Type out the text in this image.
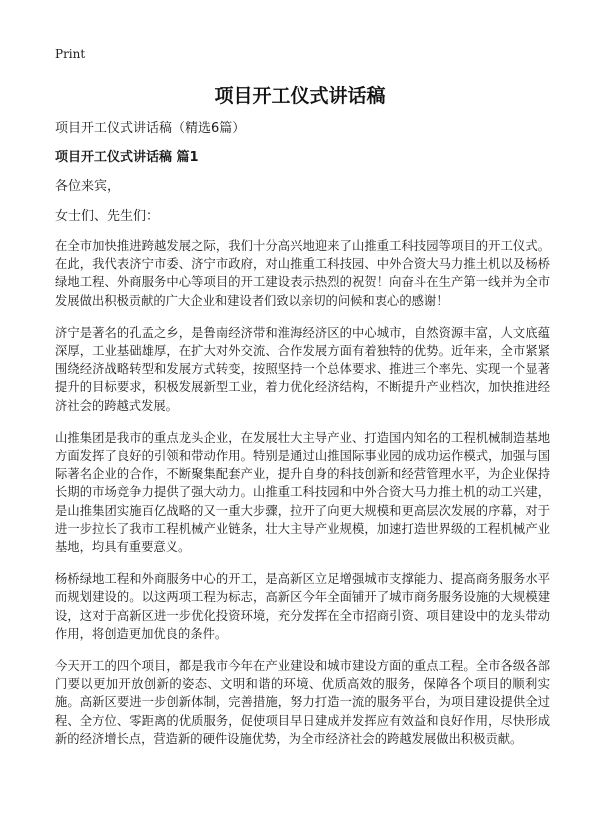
Print
项目开工仪式讲话稿

项目开工仪式讲话稿（精选6篇）

项目开工仪式讲话稿 篇1

各位来宾，

女士们、先生们：

在全市加快推进跨越发展之际，我们十分高兴地迎来了山推重工科技园等项目的开工仪式。在此，我代表济宁市委、济宁市政府，对山推重工科技园、中外合资大马力推土机以及杨桥绿地工程、外商服务中心等项目的开工建设表示热烈的祝贺！向奋斗在生产第一线并为全市发展做出积极贡献的广大企业和建设者们致以亲切的问候和衷心的感谢！

济宁是著名的孔孟之乡，是鲁南经济带和淮海经济区的中心城市，自然资源丰富，人文底蕴深厚，工业基础雄厚，在扩大对外交流、合作发展方面有着独特的优势。近年来，全市紧紧围绕经济战略转型和发展方式转变，按照坚持一个总体要求、推进三个率先、实现一个显著提升的目标要求，积极发展新型工业，着力优化经济结构，不断提升产业档次，加快推进经济社会的跨越式发展。

山推集团是我市的重点龙头企业，在发展壮大主导产业、打造国内知名的工程机械制造基地方面发挥了良好的引领和带动作用。特别是通过山推国际事业园的成功运作模式，加强与国际著名企业的合作，不断聚集配套产业，提升自身的科技创新和经营管理水平，为企业保持长期的市场竞争力提供了强大动力。山推重工科技园和中外合资大马力推土机的动工兴建，是山推集团实施百亿战略的又一重大步骤，拉开了向更大规模和更高层次发展的序幕，对于进一步拉长了我市工程机械产业链条，壮大主导产业规模，加速打造世界级的工程机械产业基地，均具有重要意义。

杨桥绿地工程和外商服务中心的开工，是高新区立足增强城市支撑能力、提高商务服务水平而规划建设的。以这两项工程为标志，高新区今年全面铺开了城市商务服务设施的大规模建设，这对于高新区进一步优化投资环境，充分发挥在全市招商引资、项目建设中的龙头带动作用，将创造更加优良的条件。

今天开工的四个项目，都是我市今年在产业建设和城市建设方面的重点工程。全市各级各部门要以更加开放创新的姿态、文明和谐的环境、优质高效的服务，保障各个项目的顺利实施。高新区要进一步创新体制，完善措施，努力打造一流的服务平台，为项目建设提供全过程、全方位、零距离的优质服务，促使项目早日建成并发挥应有效益和良好作用，尽快形成新的经济增长点，营造新的硬件设施优势，为全市经济社会的跨越发展做出积极贡献。
